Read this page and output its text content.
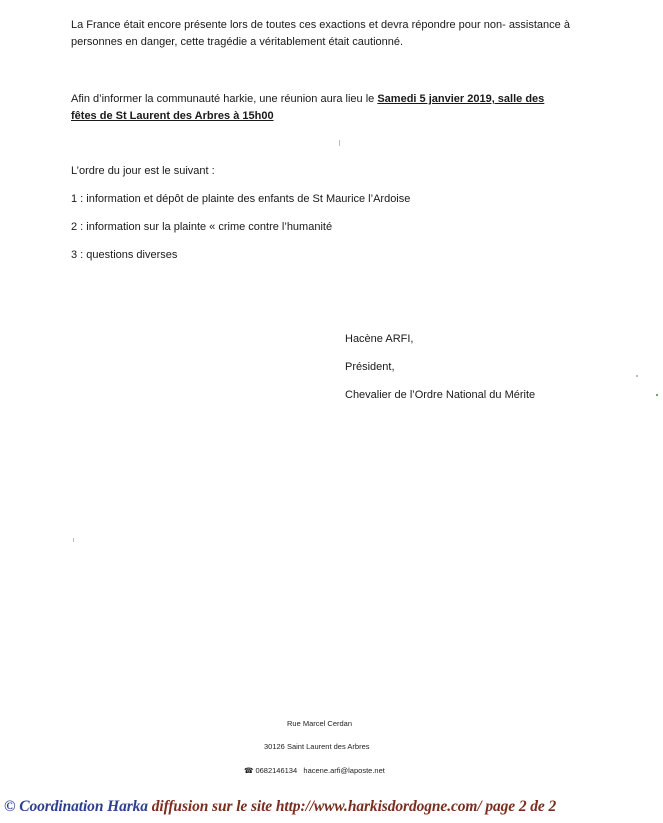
La France était encore présente lors de toutes ces exactions et devra répondre pour non- assistance à
personnes en danger, cette tragédie a véritablement était cautionné.
Afin d’informer la communauté harkie, une réunion aura lieu le Samedi 5 janvier 2019, salle des
fêtes de St Laurent des Arbres à 15h00
L’ordre du jour est le suivant :
1 : information et dépôt de plainte des enfants de St Maurice l’Ardoise
2 : information sur la plainte « crime contre l’humanité
3 : questions diverses
Hacène ARFI,
Président,
Chevalier de l’Ordre National du Mérite
Rue Marcel Cerdan
30126 Saint Laurent des Arbres
☎ 0682146134 hacene.arfi@laposte.net
© Coordination Harka diffusion sur le site http://www.harkisdordogne.com/ page 2 de 2
